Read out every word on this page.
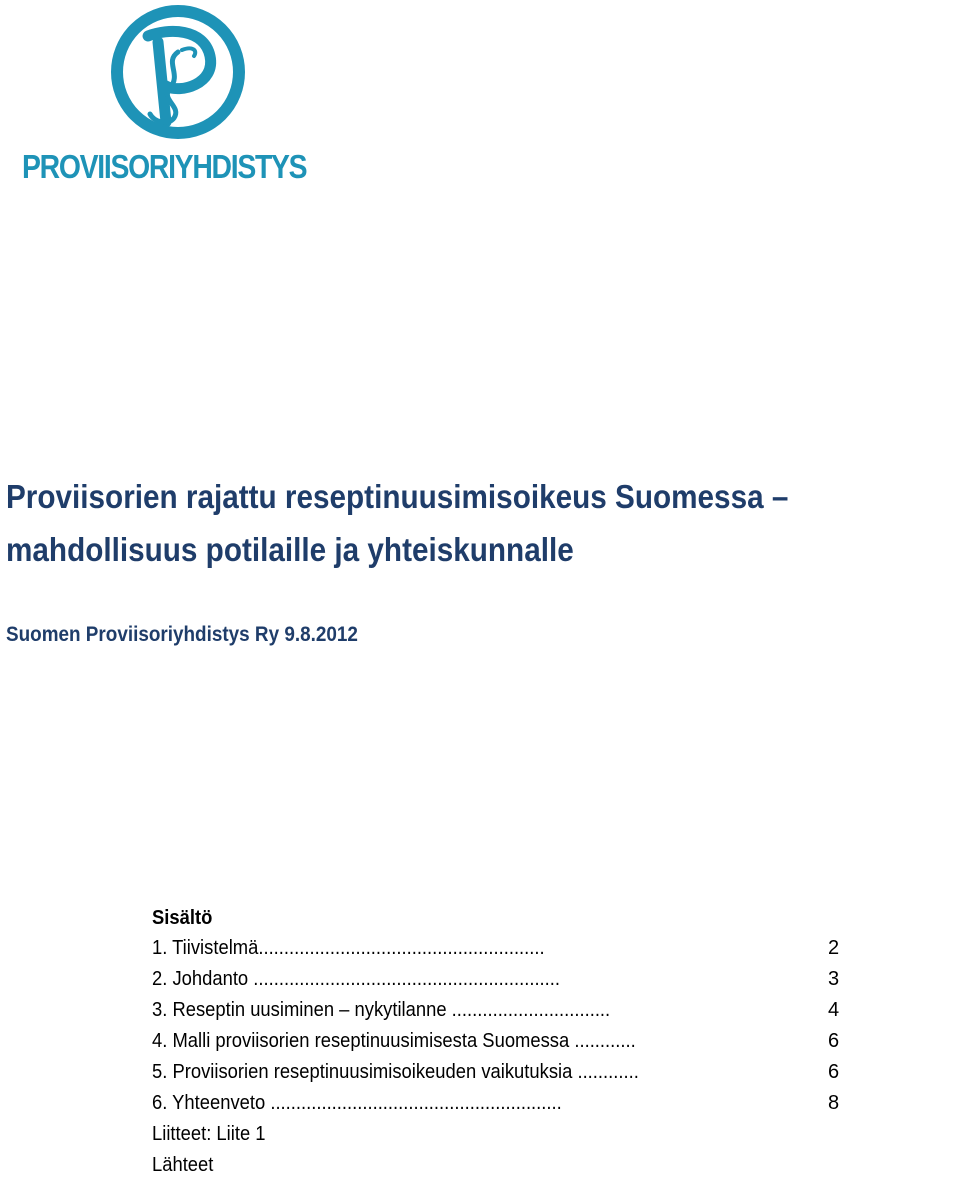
PROVIISORIYHDISTYS
Proviisorien rajattu reseptinuusimisoikeus Suomessa – mahdollisuus potilaille ja yhteiskunnalle

Suomen Proviisoriyhdistys Ry 9.8.2012

Sisältö
1. Tiivistelmä........................................................	2
2. Johdanto ............................................................	3
3. Reseptin uusiminen – nykytilanne ...............................	4
4. Malli proviisorien reseptinuusimisesta Suomessa ............	6
5. Proviisorien reseptinuusimisoikeuden vaikutuksia ............	6
6. Yhteenveto .........................................................	8
Liitteet: Liite 1
Lähteet
